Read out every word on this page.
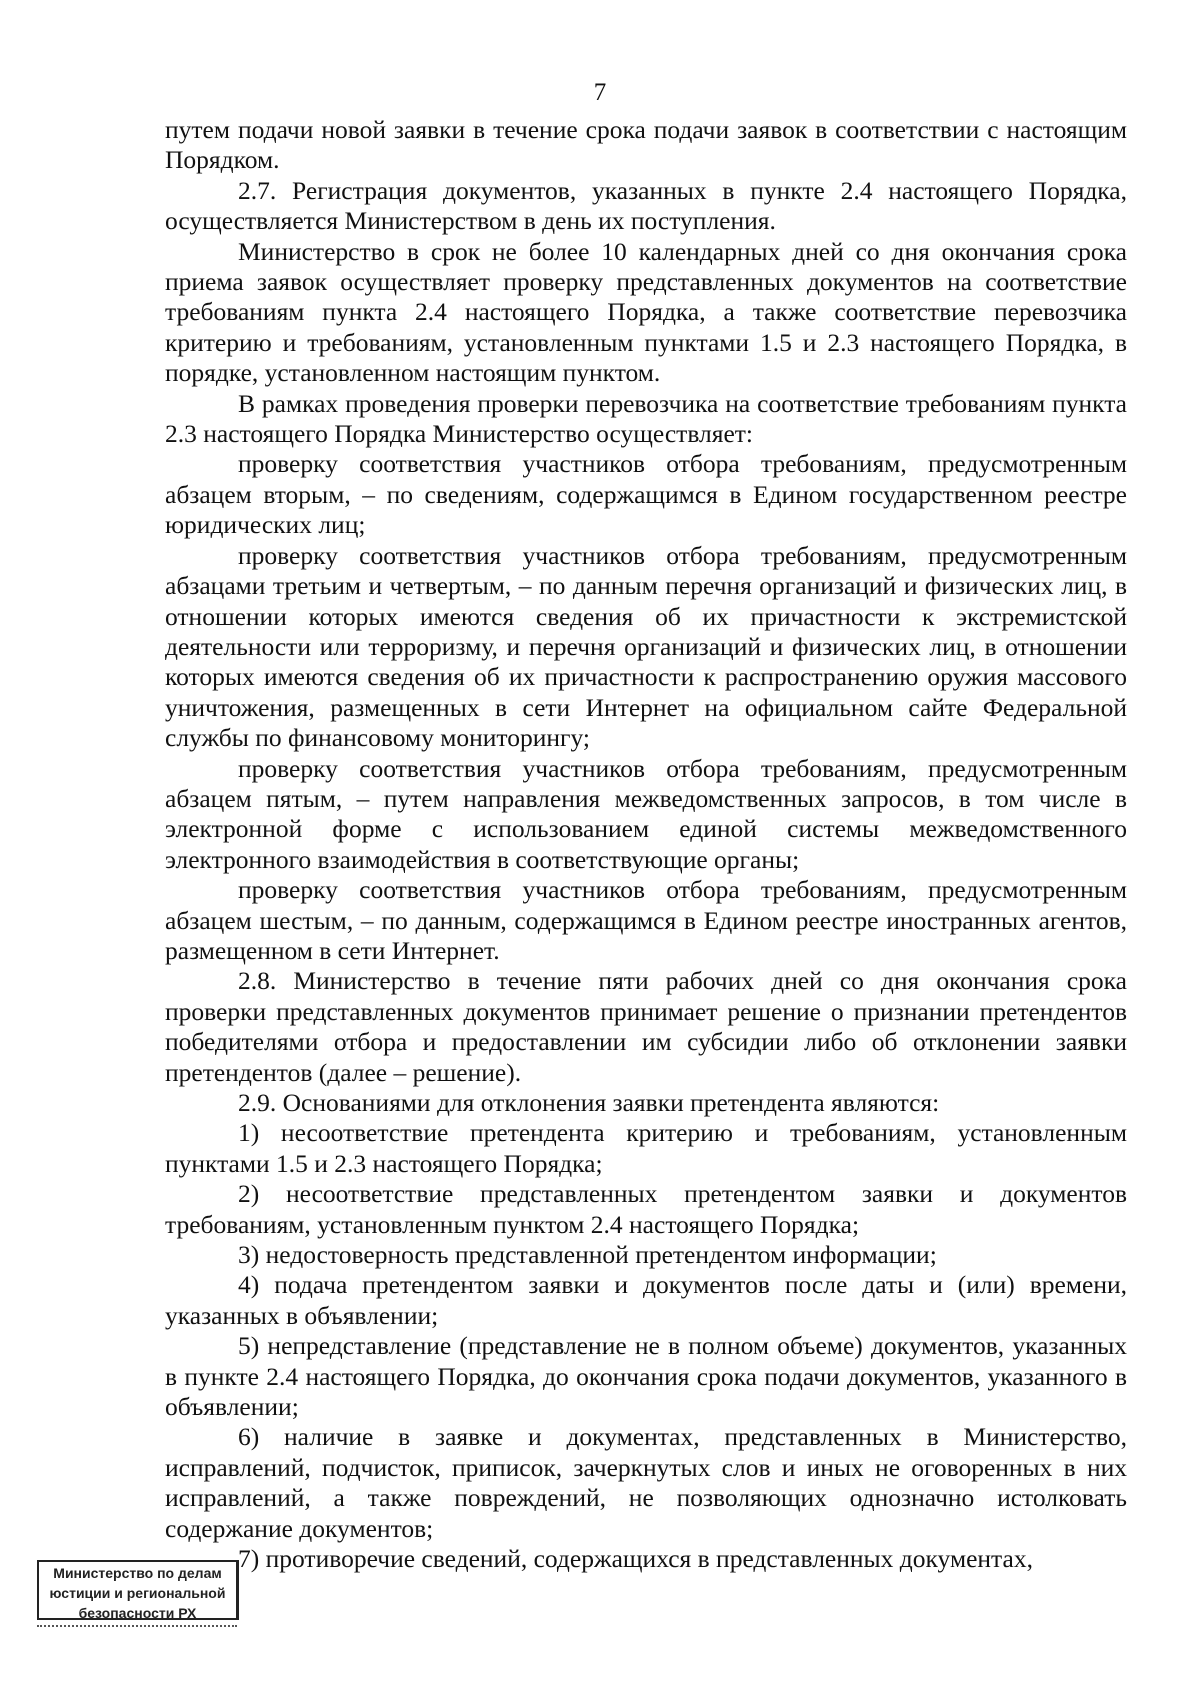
7

путем подачи новой заявки в течение срока подачи заявок в соответствии с настоящим Порядком.

2.7. Регистрация документов, указанных в пункте 2.4 настоящего Порядка, осуществляется Министерством в день их поступления.

Министерство в срок не более 10 календарных дней со дня окончания срока приема заявок осуществляет проверку представленных документов на соответствие требованиям пункта 2.4 настоящего Порядка, а также соответствие перевозчика критерию и требованиям, установленным пунктами 1.5 и 2.3 настоящего Порядка, в порядке, установленном настоящим пунктом.

В рамках проведения проверки перевозчика на соответствие требованиям пункта 2.3 настоящего Порядка Министерство осуществляет:

проверку соответствия участников отбора требованиям, предусмотренным абзацем вторым, – по сведениям, содержащимся в Едином государственном реестре юридических лиц;

проверку соответствия участников отбора требованиям, предусмотренным абзацами третьим и четвертым, – по данным перечня организаций и физических лиц, в отношении которых имеются сведения об их причастности к экстремистской деятельности или терроризму, и перечня организаций и физических лиц, в отношении которых имеются сведения об их причастности к распространению оружия массового уничтожения, размещенных в сети Интернет на официальном сайте Федеральной службы по финансовому мониторингу;

проверку соответствия участников отбора требованиям, предусмотренным абзацем пятым, – путем направления межведомственных запросов, в том числе в электронной форме с использованием единой системы межведомственного электронного взаимодействия в соответствующие органы;

проверку соответствия участников отбора требованиям, предусмотренным абзацем шестым, – по данным, содержащимся в Едином реестре иностранных агентов, размещенном в сети Интернет.

2.8. Министерство в течение пяти рабочих дней со дня окончания срока проверки представленных документов принимает решение о признании претендентов победителями отбора и предоставлении им субсидии либо об отклонении заявки претендентов (далее – решение).

2.9. Основаниями для отклонения заявки претендента являются:

1) несоответствие претендента критерию и требованиям, установленным пунктами 1.5 и 2.3 настоящего Порядка;

2) несоответствие представленных претендентом заявки и документов требованиям, установленным пунктом 2.4 настоящего Порядка;

3) недостоверность представленной претендентом информации;

4) подача претендентом заявки и документов после даты и (или) времени, указанных в объявлении;

5) непредставление (представление не в полном объеме) документов, указанных в пункте 2.4 настоящего Порядка, до окончания срока подачи документов, указанного в объявлении;

6) наличие в заявке и документах, представленных в Министерство, исправлений, подчисток, приписок, зачеркнутых слов и иных не оговоренных в них исправлений, а также повреждений, не позволяющих однозначно истолковать содержание документов;

7) противоречие сведений, содержащихся в представленных документах,

Министерство по делам
юстиции и региональной
безопасности РХ
